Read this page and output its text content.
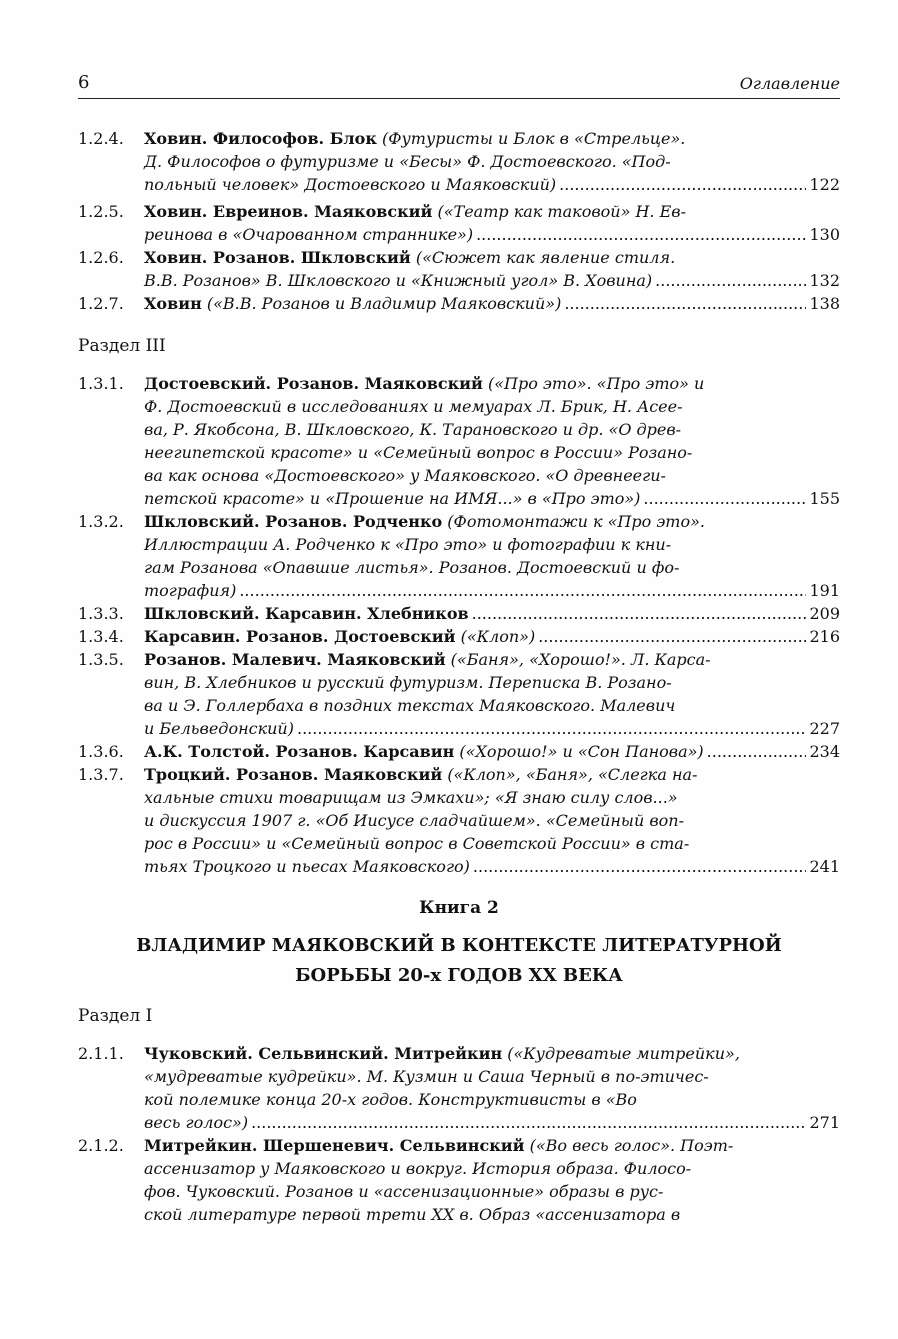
6	Оглавление
1.2.4. Ховин. Философов. Блок (Футуристы и Блок в «Стрельце».
Д. Философов о футуризме и «Бесы» Ф. Достоевского. «Под-
польный человек» Достоевского и Маяковский) .....	122
1.2.5. Ховин. Евреинов. Маяковский («Театр как таковой» Н. Ев-
реинова в «Очарованном страннике») .....	130
1.2.6. Ховин. Розанов. Шкловский («Сюжет как явление стиля.
В.В. Розанов» В. Шкловского и «Книжный угол» В. Ховина) .....	132
1.2.7. Ховин («В.В. Розанов и Владимир Маяковский») .....	138
Раздел III
1.3.1. Достоевский. Розанов. Маяковский («Про это». «Про это» и
Ф. Достоевский в исследованиях и мемуарах Л. Брик, Н. Асее-
ва, Р. Якобсона, В. Шкловского, К. Тарановского и др. «О древ-
неегипетской красоте» и «Семейный вопрос в России» Розано-
ва как основа «Достоевского» у Маяковского. «О древнееги-
петской красоте» и «Прошение на ИМЯ...» в «Про это») .....	155
1.3.2. Шкловский. Розанов. Родченко (Фотомонтажи к «Про это».
Иллюстрации А. Родченко к «Про это» и фотографии к кни-
гам Розанова «Опавшие листья». Розанов. Достоевский и фо-
тография) .....	191
1.3.3. Шкловский. Карсавин. Хлебников .....	209
1.3.4. Карсавин. Розанов. Достоевский («Клоп») .....	216
1.3.5. Розанов. Малевич. Маяковский («Баня», «Хорошо!». Л. Карса-
вин, В. Хлебников и русский футуризм. Переписка В. Розано-
ва и Э. Голлербаха в поздних текстах Маяковского. Малевич
и Бельведонский) .....	227
1.3.6. А.К. Толстой. Розанов. Карсавин («Хорошо!» и «Сон Панова») .....	234
1.3.7. Троцкий. Розанов. Маяковский («Клоп», «Баня», «Слегка на-
хальные стихи товарищам из Эмкахи»; «Я знаю силу слов...»
и дискуссия 1907 г. «Об Иисусе сладчайшем». «Семейный воп-
рос в России» и «Семейный вопрос в Советской России» в ста-
тьях Троцкого и пьесах Маяковского) .....	241
Книга 2
ВЛАДИМИР МАЯКОВСКИЙ В КОНТЕКСТЕ ЛИТЕРАТУРНОЙ
БОРЬБЫ 20-х ГОДОВ XX ВЕКА
Раздел I
2.1.1. Чуковский. Сельвинский. Митрейкин («Кудреватые митрейки»,
«мудреватые кудрейки». М. Кузмин и Саша Черный в по-этичес-
кой полемике конца 20-х годов. Конструктивисты в «Во
весь голос») .....	271
2.1.2. Митрейкин. Шершеневич. Сельвинский («Во весь голос». Поэт-
ассенизатор у Маяковского и вокруг. История образа. Филосо-
фов. Чуковский. Розанов и «ассенизационные» образы в рус-
ской литературе первой трети XX в. Образ «ассенизатора в
